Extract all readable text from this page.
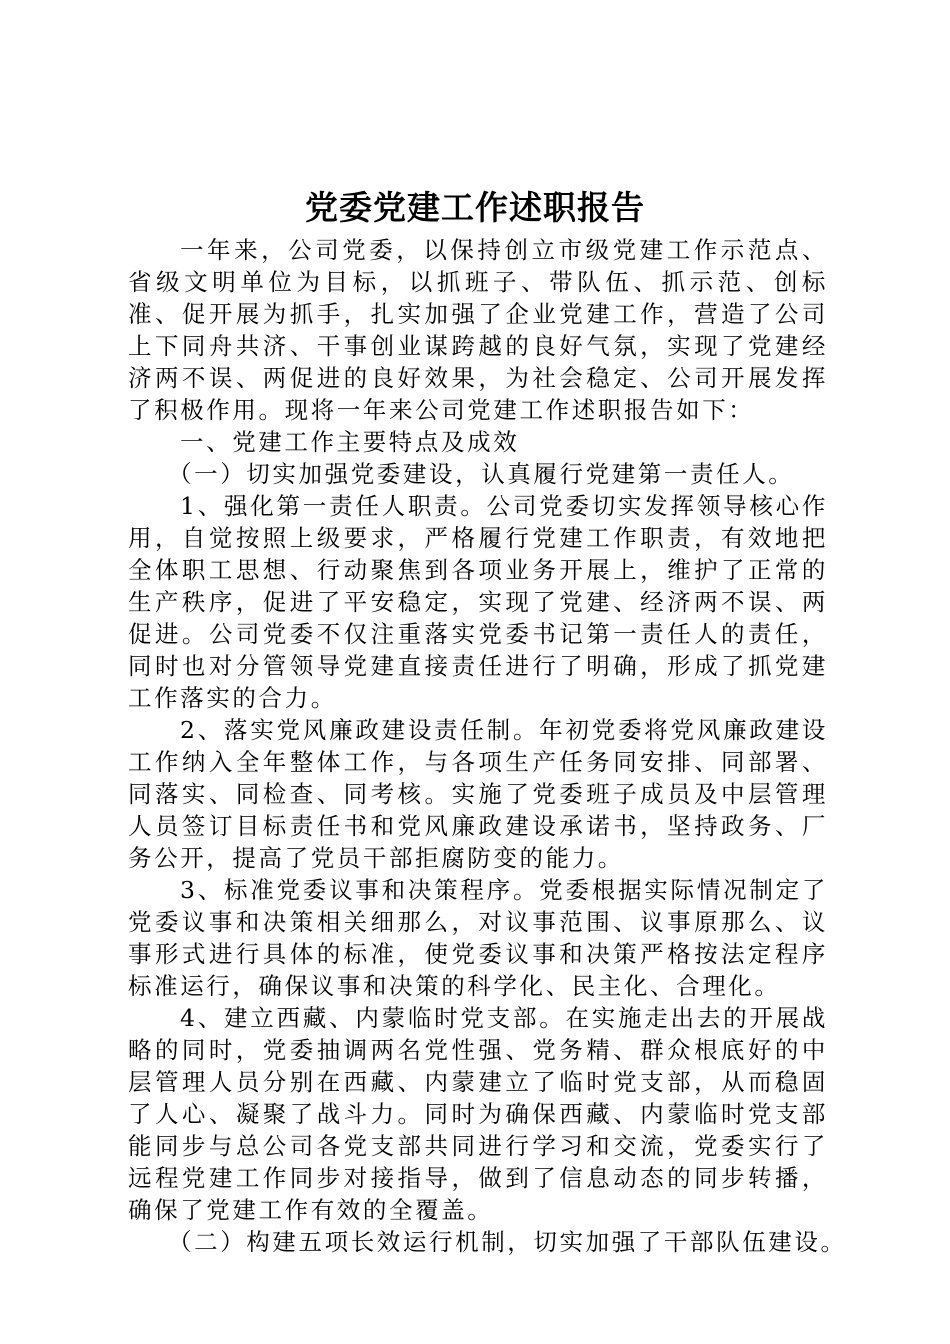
党委党建工作述职报告

一年来，公司党委，以保持创立市级党建工作示范点、省级文明单位为目标，以抓班子、带队伍、抓示范、创标准、促开展为抓手，扎实加强了企业党建工作，营造了公司上下同舟共济、干事创业谋跨越的良好气氛，实现了党建经济两不误、两促进的良好效果，为社会稳定、公司开展发挥了积极作用。现将一年来公司党建工作述职报告如下：

一、党建工作主要特点及成效

（一）切实加强党委建设，认真履行党建第一责任人。

1、强化第一责任人职责。公司党委切实发挥领导核心作用，自觉按照上级要求，严格履行党建工作职责，有效地把全体职工思想、行动聚焦到各项业务开展上，维护了正常的生产秩序，促进了平安稳定，实现了党建、经济两不误、两促进。公司党委不仅注重落实党委书记第一责任人的责任，同时也对分管领导党建直接责任进行了明确，形成了抓党建工作落实的合力。

2、落实党风廉政建设责任制。年初党委将党风廉政建设工作纳入全年整体工作，与各项生产任务同安排、同部署、同落实、同检查、同考核。实施了党委班子成员及中层管理人员签订目标责任书和党风廉政建设承诺书，坚持政务、厂务公开，提高了党员干部拒腐防变的能力。

3、标准党委议事和决策程序。党委根据实际情况制定了党委议事和决策相关细那么，对议事范围、议事原那么、议事形式进行具体的标准，使党委议事和决策严格按法定程序标准运行，确保议事和决策的科学化、民主化、合理化。

4、建立西藏、内蒙临时党支部。在实施走出去的开展战略的同时，党委抽调两名党性强、党务精、群众根底好的中层管理人员分别在西藏、内蒙建立了临时党支部，从而稳固了人心、凝聚了战斗力。同时为确保西藏、内蒙临时党支部能同步与总公司各党支部共同进行学习和交流，党委实行了远程党建工作同步对接指导，做到了信息动态的同步转播，确保了党建工作有效的全覆盖。

（二）构建五项长效运行机制，切实加强了干部队伍建设。
